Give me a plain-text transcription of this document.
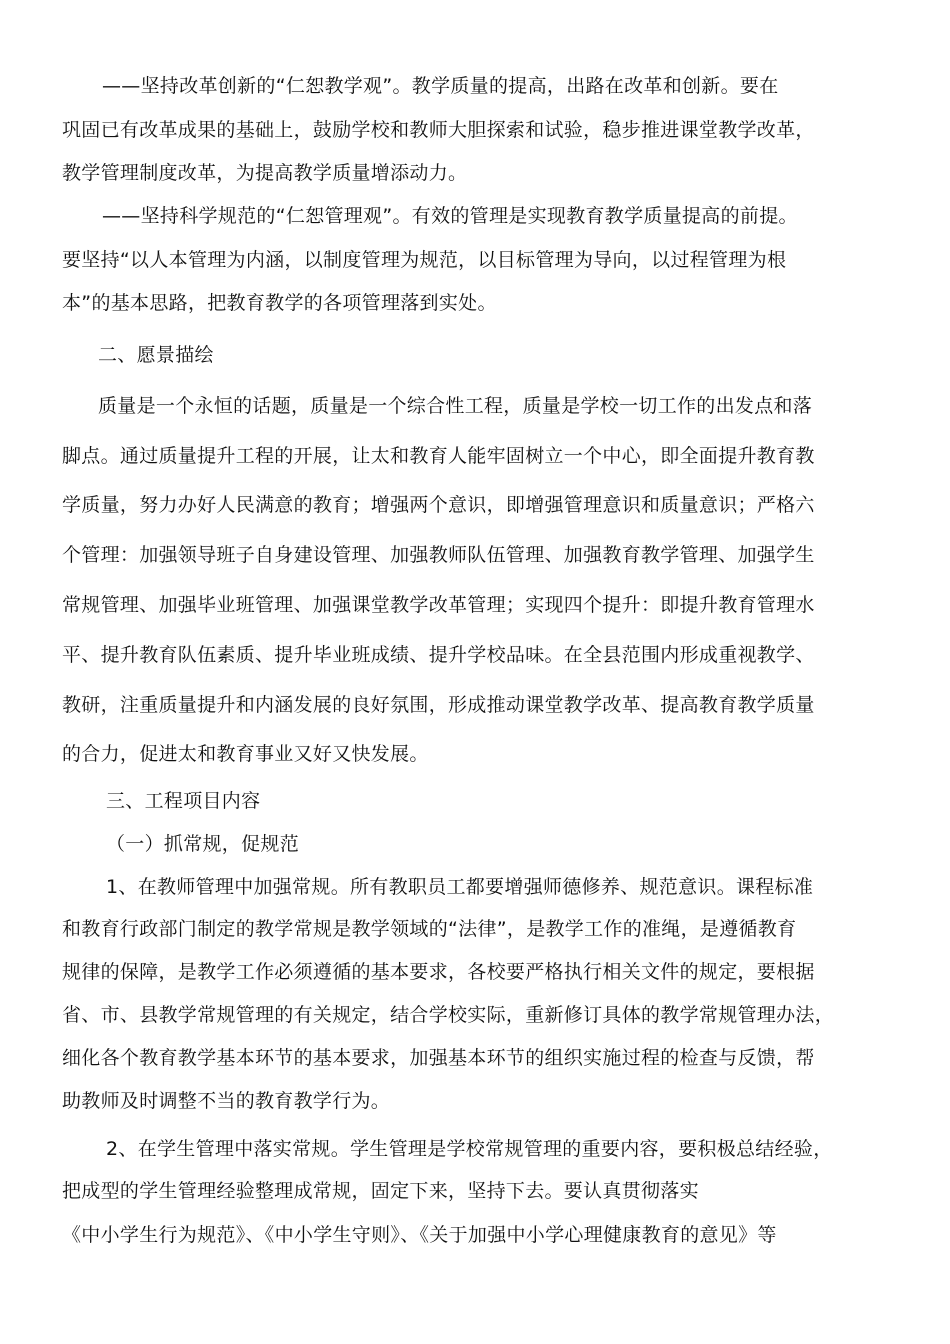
——坚持改革创新的“仁恕教学观”。教学质量的提高，出路在改革和创新。要在
巩固已有改革成果的基础上，鼓励学校和教师大胆探索和试验，稳步推进课堂教学改革，
教学管理制度改革，为提高教学质量增添动力。
——坚持科学规范的“仁恕管理观”。有效的管理是实现教育教学质量提高的前提。
要坚持“以人本管理为内涵，以制度管理为规范，以目标管理为导向，以过程管理为根
本”的基本思路，把教育教学的各项管理落到实处。
二、愿景描绘
质量是一个永恒的话题，质量是一个综合性工程，质量是学校一切工作的出发点和落
脚点。通过质量提升工程的开展，让太和教育人能牢固树立一个中心，即全面提升教育教
学质量，努力办好人民满意的教育；增强两个意识，即增强管理意识和质量意识；严格六
个管理：加强领导班子自身建设管理、加强教师队伍管理、加强教育教学管理、加强学生
常规管理、加强毕业班管理、加强课堂教学改革管理；实现四个提升：即提升教育管理水
平、提升教育队伍素质、提升毕业班成绩、提升学校品味。在全县范围内形成重视教学、
教研，注重质量提升和内涵发展的良好氛围，形成推动课堂教学改革、提高教育教学质量
的合力，促进太和教育事业又好又快发展。
三、工程项目内容
（一）抓常规，促规范
1、在教师管理中加强常规。所有教职员工都要增强师德修养、规范意识。课程标准
和教育行政部门制定的教学常规是教学领域的“法律”，是教学工作的准绳，是遵循教育
规律的保障，是教学工作必须遵循的基本要求，各校要严格执行相关文件的规定，要根据
省、市、县教学常规管理的有关规定，结合学校实际，重新修订具体的教学常规管理办法，
细化各个教育教学基本环节的基本要求，加强基本环节的组织实施过程的检查与反馈，帮
助教师及时调整不当的教育教学行为。
2、在学生管理中落实常规。学生管理是学校常规管理的重要内容，要积极总结经验，
把成型的学生管理经验整理成常规，固定下来，坚持下去。要认真贯彻落实
《中小学生行为规范》、《中小学生守则》、《关于加强中小学心理健康教育的意见》等
